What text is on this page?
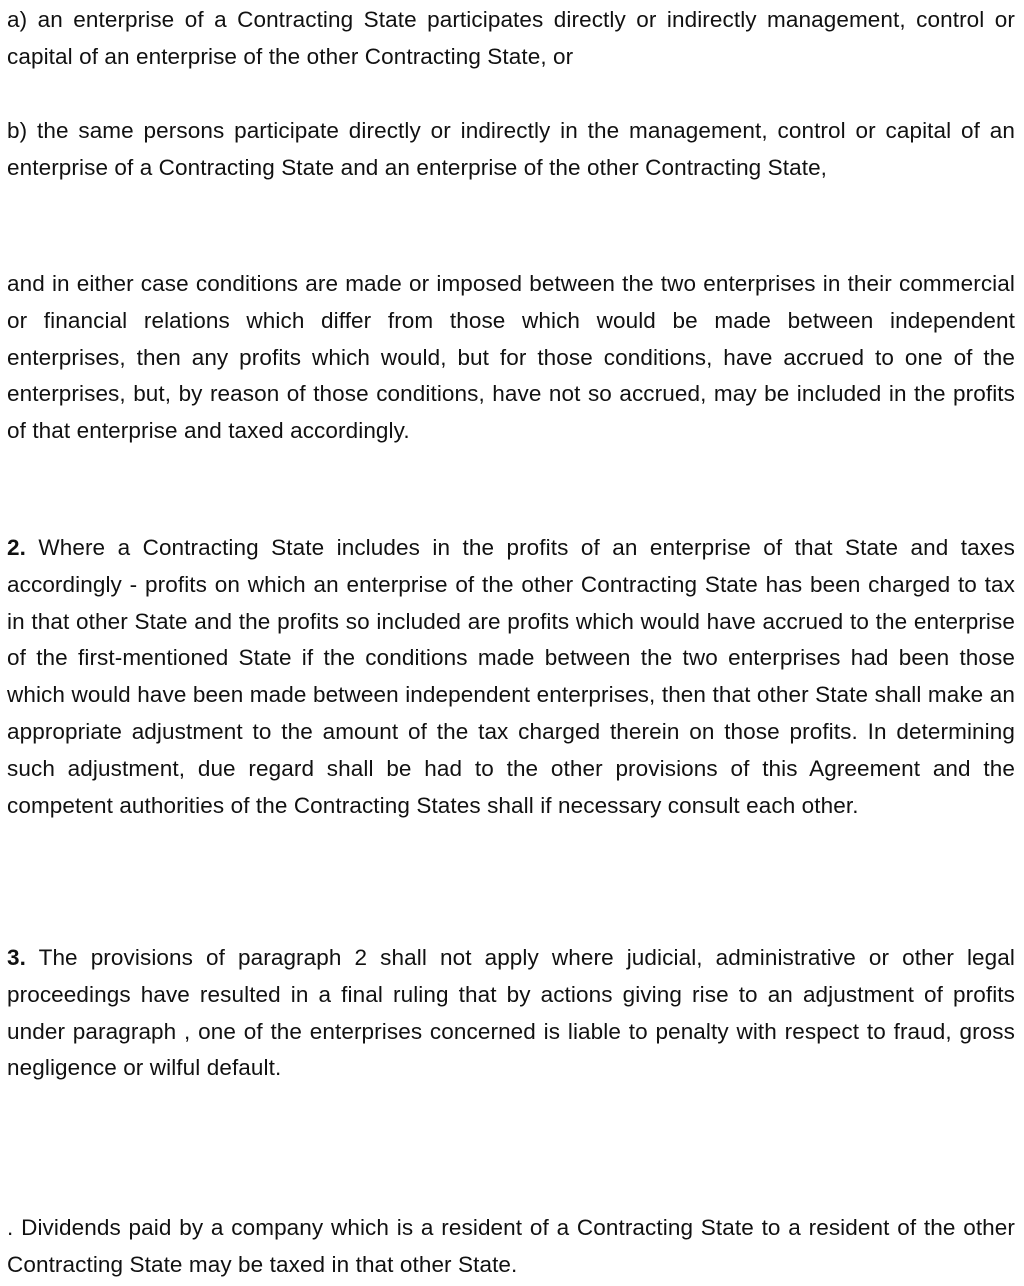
a) an enterprise of a Contracting State participates directly or indirectly management, control or capital of an enterprise of the other Contracting State, or

b) the same persons participate directly or indirectly in the management, control or capital of an enterprise of a Contracting State and an enterprise of the other Contracting State,

and in either case conditions are made or imposed between the two enterprises in their commercial or financial relations which differ from those which would be made between independent enterprises, then any profits which would, but for those conditions, have accrued to one of the enterprises, but, by reason of those conditions, have not so accrued, may be included in the profits of that enterprise and taxed accordingly.

2. Where a Contracting State includes in the profits of an enterprise of that State and taxes accordingly - profits on which an enterprise of the other Contracting State has been charged to tax in that other State and the profits so included are profits which would have accrued to the enterprise of the first-mentioned State if the conditions made between the two enterprises had been those which would have been made between independent enterprises, then that other State shall make an appropriate adjustment to the amount of the tax charged therein on those profits. In determining such adjustment, due regard shall be had to the other provisions of this Agreement and the competent authorities of the Contracting States shall if necessary consult each other.

3. The provisions of paragraph 2 shall not apply where judicial, administrative or other legal proceedings have resulted in a final ruling that by actions giving rise to an adjustment of profits under paragraph , one of the enterprises concerned is liable to penalty with respect to fraud, gross negligence or wilful default.

. Dividends paid by a company which is a resident of a Contracting State to a resident of the other Contracting State may be taxed in that other State.
